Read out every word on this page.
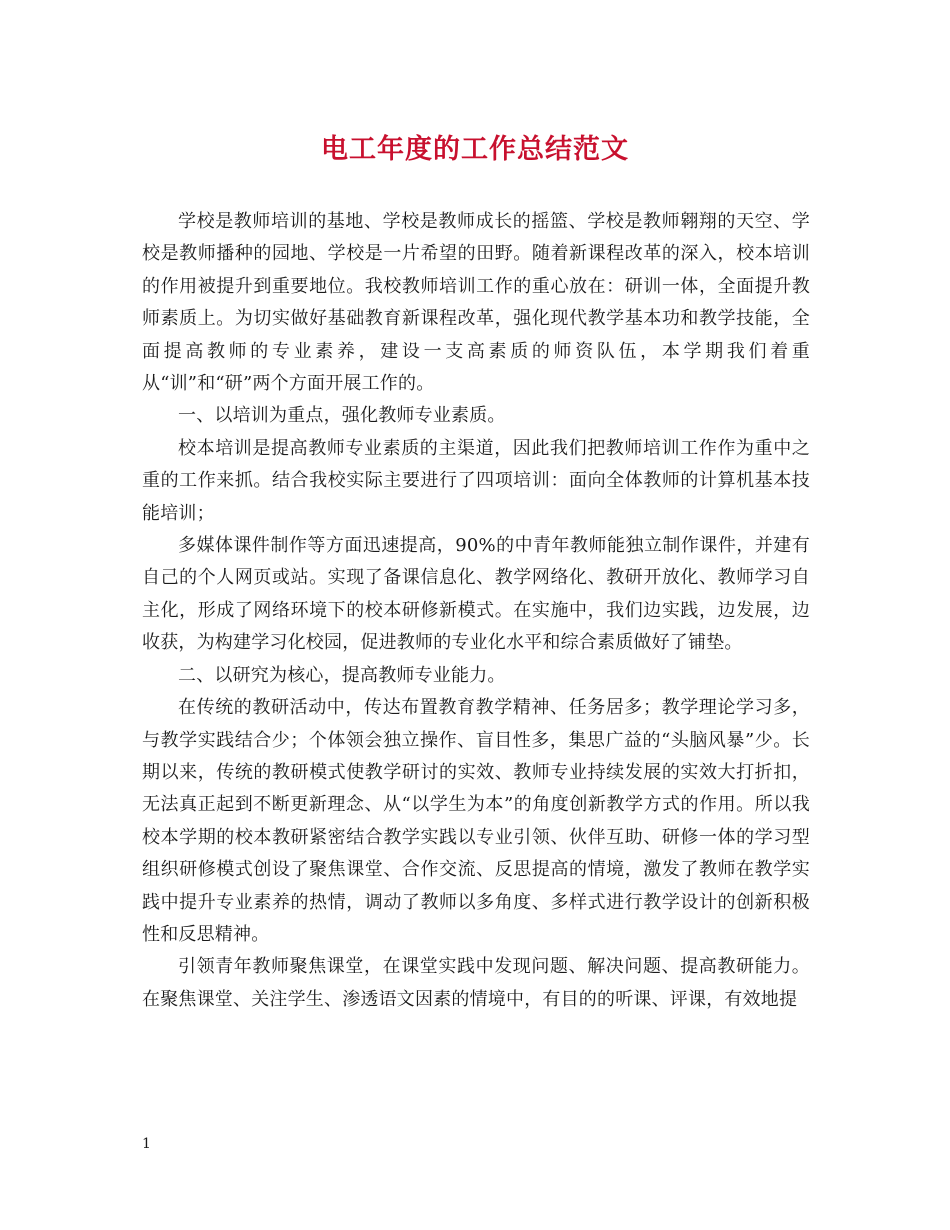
电工年度的工作总结范文

学校是教师培训的基地、学校是教师成长的摇篮、学校是教师翱翔的天空、学校是教师播种的园地、学校是一片希望的田野。随着新课程改革的深入，校本培训的作用被提升到重要地位。我校教师培训工作的重心放在：研训一体，全面提升教师素质上。为切实做好基础教育新课程改革，强化现代教学基本功和教学技能，全面提高教师的专业素养，建设一支高素质的师资队伍，本学期我们着重从“训”和“研”两个方面开展工作的。

一、以培训为重点，强化教师专业素质。

校本培训是提高教师专业素质的主渠道，因此我们把教师培训工作作为重中之重的工作来抓。结合我校实际主要进行了四项培训：面向全体教师的计算机基本技能培训；

多媒体课件制作等方面迅速提高，90%的中青年教师能独立制作课件，并建有自己的个人网页或站。实现了备课信息化、教学网络化、教研开放化、教师学习自主化，形成了网络环境下的校本研修新模式。在实施中，我们边实践，边发展，边收获，为构建学习化校园，促进教师的专业化水平和综合素质做好了铺垫。

二、以研究为核心，提高教师专业能力。

在传统的教研活动中，传达布置教育教学精神、任务居多；教学理论学习多，与教学实践结合少；个体领会独立操作、盲目性多，集思广益的“头脑风暴”少。长期以来，传统的教研模式使教学研讨的实效、教师专业持续发展的实效大打折扣，无法真正起到不断更新理念、从“以学生为本”的角度创新教学方式的作用。所以我校本学期的校本教研紧密结合教学实践以专业引领、伙伴互助、研修一体的学习型组织研修模式创设了聚焦课堂、合作交流、反思提高的情境，激发了教师在教学实践中提升专业素养的热情，调动了教师以多角度、多样式进行教学设计的创新积极性和反思精神。

引领青年教师聚焦课堂，在课堂实践中发现问题、解决问题、提高教研能力。在聚焦课堂、关注学生、渗透语文因素的情境中，有目的的听课、评课，有效地提

1
